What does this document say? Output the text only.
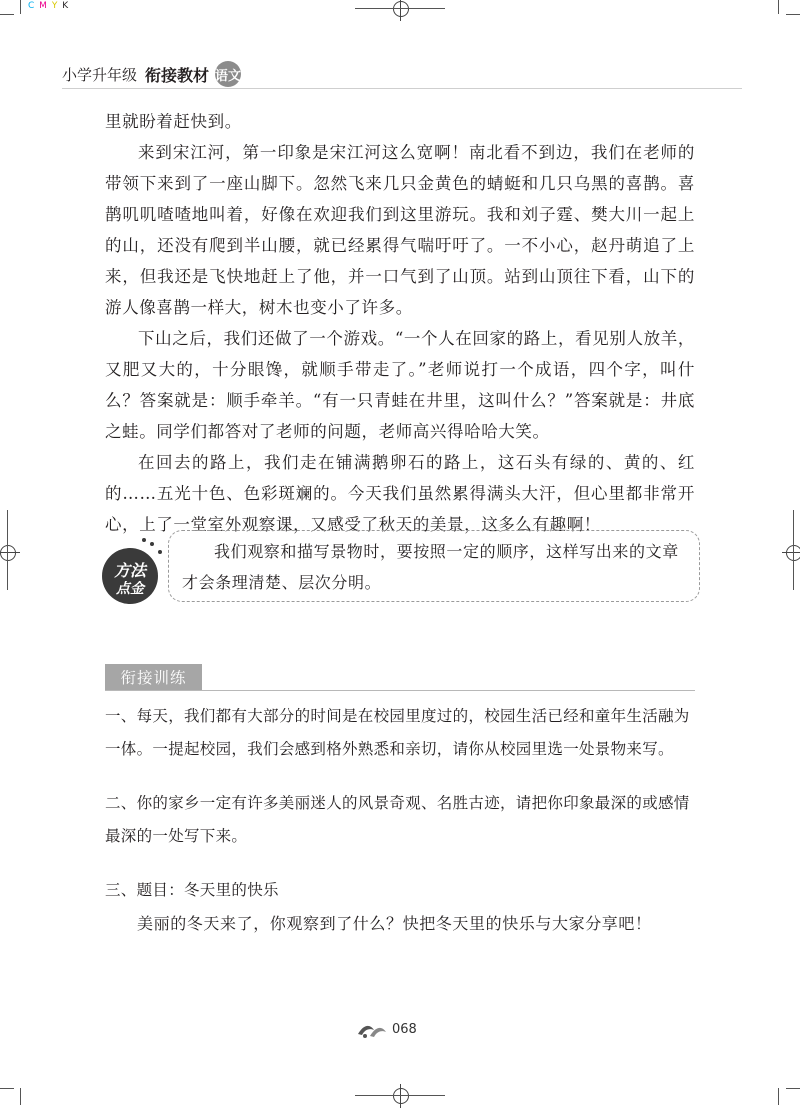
C M Y K
小学升年级 衔接教材 语文
里就盼着赶快到。
来到宋江河，第一印象是宋江河这么宽啊！南北看不到边，我们在老师的带领下来到了一座山脚下。忽然飞来几只金黄色的蜻蜓和几只乌黑的喜鹊。喜鹊叽叽喳喳地叫着，好像在欢迎我们到这里游玩。我和刘子霆、樊大川一起上的山，还没有爬到半山腰，就已经累得气喘吁吁了。一不小心，赵丹萌追了上来，但我还是飞快地赶上了他，并一口气到了山顶。站到山顶往下看，山下的游人像喜鹊一样大，树木也变小了许多。
下山之后，我们还做了一个游戏。“一个人在回家的路上，看见别人放羊，又肥又大的，十分眼馋，就顺手带走了。”老师说打一个成语，四个字，叫什么？答案就是：顺手牵羊。“有一只青蛙在井里，这叫什么？”答案就是：井底之蛙。同学们都答对了老师的问题，老师高兴得哈哈大笑。
在回去的路上，我们走在铺满鹅卵石的路上，这石头有绿的、黄的、红的……五光十色、色彩斑斓的。今天我们虽然累得满头大汗，但心里都非常开心，上了一堂室外观察课，又感受了秋天的美景，这多么有趣啊！
方法
点金
我们观察和描写景物时，要按照一定的顺序，这样写出来的文章才会条理清楚、层次分明。
衔接训练
一、每天，我们都有大部分的时间是在校园里度过的，校园生活已经和童年生活融为一体。一提起校园，我们会感到格外熟悉和亲切，请你从校园里选一处景物来写。
二、你的家乡一定有许多美丽迷人的风景奇观、名胜古迹，请把你印象最深的或感情最深的一处写下来。
三、题目：冬天里的快乐
美丽的冬天来了，你观察到了什么？快把冬天里的快乐与大家分享吧！
068
